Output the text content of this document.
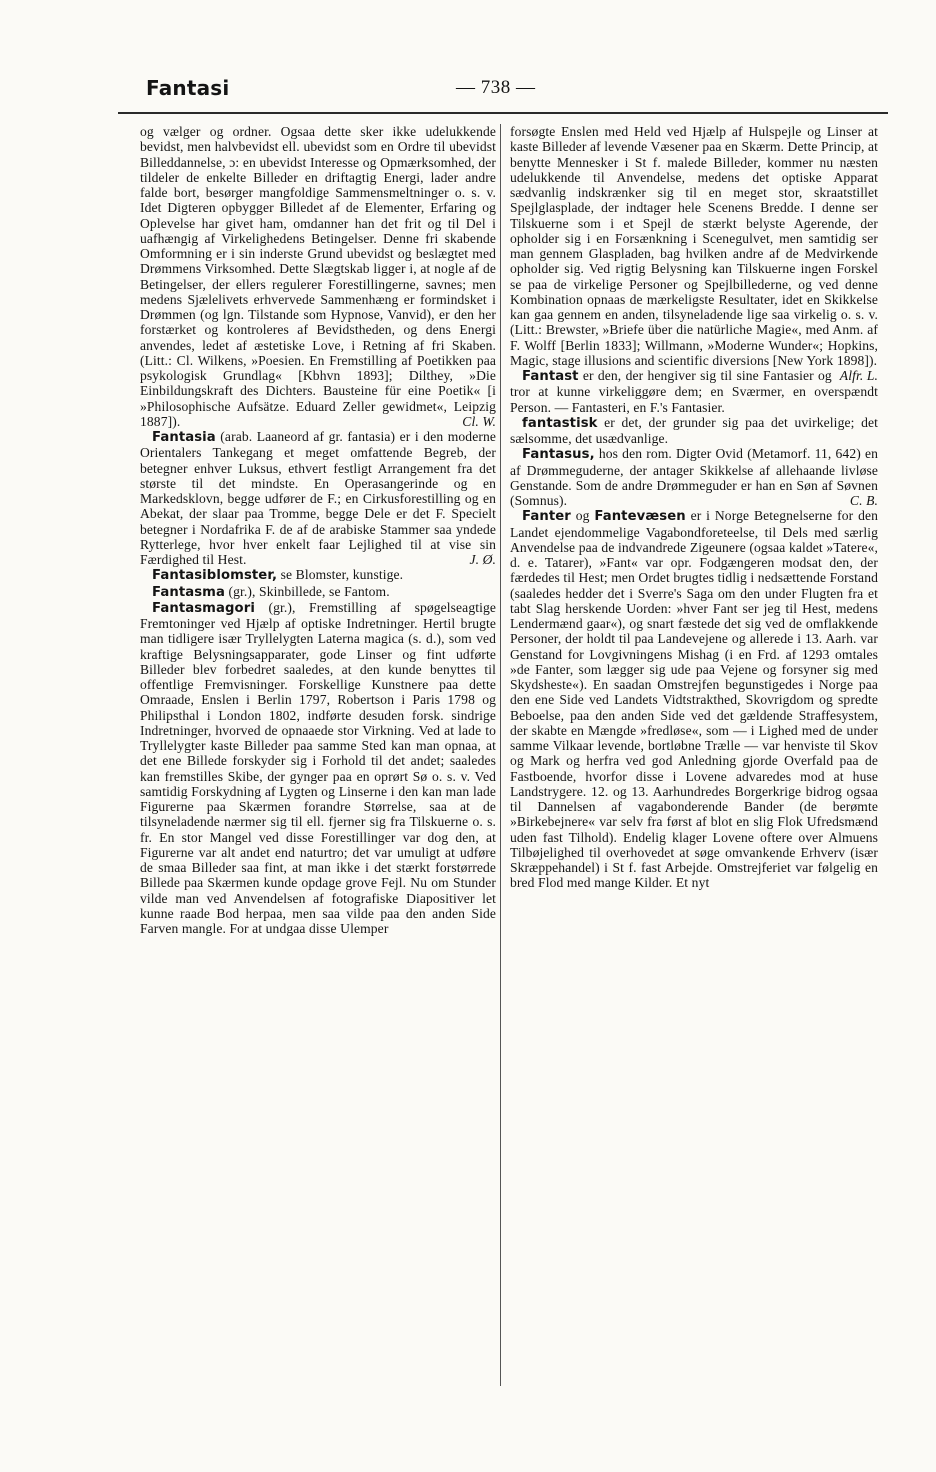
Fantasi	— 738 —

og vælger og ordner. Ogsaa dette sker ikke udelukkende bevidst, men halvbevidst ell. ubevidst som en Ordre til ubevidst Billeddannelse, ɔ: en ubevidst Interesse og Opmærksomhed, der tildeler de enkelte Billeder en driftagtig Energi, lader andre falde bort, besørger mangfoldige Sammensmeltninger o. s. v. Idet Digteren opbygger Billedet af de Elementer, Erfaring og Oplevelse har givet ham, omdanner han det frit og til Del i uafhængig af Virkelighedens Betingelser. Denne fri skabende Omformning er i sin inderste Grund ubevidst og beslægtet med Drømmens Virksomhed. Dette Slægtskab ligger i, at nogle af de Betingelser, der ellers regulerer Forestillingerne, savnes; men medens Sjælelivets erhvervede Sammenhæng er formindsket i Drømmen (og lgn. Tilstande som Hypnose, Vanvid), er den her forstærket og kontroleres af Bevidstheden, og dens Energi anvendes, ledet af æstetiske Love, i Retning af fri Skaben. (Litt.: Cl. Wilkens, »Poesien. En Fremstilling af Poetikken paa psykologisk Grundlag« [Kbhvn 1893]; Dilthey, »Die Einbildungskraft des Dichters. Bausteine für eine Poetik« [i »Philosophische Aufsätze. Eduard Zeller gewidmet«, Leipzig 1887]).	Cl. W.

Fantasia (arab. Laaneord af gr. fantasia) er i den moderne Orientalers Tankegang et meget omfattende Begreb, der betegner enhver Luksus, ethvert festligt Arrangement fra det største til det mindste. En Operasangerinde og en Markedsklovn, begge udfører de F.; en Cirkusforestilling og en Abekat, der slaar paa Tromme, begge Dele er det F. Specielt betegner i Nordafrika F. de af de arabiske Stammer saa yndede Rytterlege, hvor hver enkelt faar Lejlighed til at vise sin Færdighed til Hest.	J. Ø.

Fantasiblomster, se Blomster, kunstige.

Fantasma (gr.), Skinbillede, se Fantom.

Fantasmagori (gr.), Fremstilling af spøgelseagtige Fremtoninger ved Hjælp af optiske Indretninger. Hertil brugte man tidligere især Tryllelygten Laterna magica (s. d.), som ved kraftige Belysningsapparater, gode Linser og fint udførte Billeder blev forbedret saaledes, at den kunde benyttes til offentlige Fremvisninger. Forskellige Kunstnere paa dette Omraade, Enslen i Berlin 1797, Robertson i Paris 1798 og Philipsthal i London 1802, indførte desuden forsk. sindrige Indretninger, hvorved de opnaaede stor Virkning. Ved at lade to Tryllelygter kaste Billeder paa samme Sted kan man opnaa, at det ene Billede forskyder sig i Forhold til det andet; saaledes kan fremstilles Skibe, der gynger paa en oprørt Sø o. s. v. Ved samtidig Forskydning af Lygten og Linserne i den kan man lade Figurerne paa Skærmen forandre Størrelse, saa at de tilsyneladende nærmer sig til ell. fjerner sig fra Tilskuerne o. s. fr. En stor Mangel ved disse Forestillinger var dog den, at Figurerne var alt andet end naturtro; det var umuligt at udføre de smaa Billeder saa fint, at man ikke i det stærkt forstørrede Billede paa Skærmen kunde opdage grove Fejl. Nu om Stunder vilde man ved Anvendelsen af fotografiske Diapositiver let kunne raade Bod herpaa, men saa vilde paa den anden Side Farven mangle. For at undgaa disse Ulemper

forsøgte Enslen med Held ved Hjælp af Hulspejle og Linser at kaste Billeder af levende Væsener paa en Skærm. Dette Princip, at benytte Mennesker i St f. malede Billeder, kommer nu næsten udelukkende til Anvendelse, medens det optiske Apparat sædvanlig indskrænker sig til en meget stor, skraatstillet Spejlglasplade, der indtager hele Scenens Bredde. I denne ser Tilskuerne som i et Spejl de stærkt belyste Agerende, der opholder sig i en Forsænkning i Scenegulvet, men samtidig ser man gennem Glaspladen, bag hvilken andre af de Medvirkende opholder sig. Ved rigtig Belysning kan Tilskuerne ingen Forskel se paa de virkelige Personer og Spejlbillederne, og ved denne Kombination opnaas de mærkeligste Resultater, idet en Skikkelse kan gaa gennem en anden, tilsyneladende lige saa virkelig o. s. v. (Litt.: Brewster, »Briefe über die natürliche Magie«, med Anm. af F. Wolff [Berlin 1833]; Willmann, »Moderne Wunder«; Hopkins, Magic, stage illusions and scientific diversions [New York 1898]).
Alfr. L.

Fantast er den, der hengiver sig til sine Fantasier og tror at kunne virkeliggøre dem; en Sværmer, en overspændt Person. — Fantasteri, en F.'s Fantasier.

fantastisk er det, der grunder sig paa det uvirkelige; det sælsomme, det usædvanlige.

Fantasus, hos den rom. Digter Ovid (Metamorf. 11, 642) en af Drømmeguderne, der antager Skikkelse af allehaande livløse Genstande. Som de andre Drømmeguder er han en Søn af Søvnen (Somnus).	C. B.

Fanter og Fantevæsen er i Norge Betegnelserne for den Landet ejendommelige Vagabondforeteelse, til Dels med særlig Anvendelse paa de indvandrede Zigeunere (ogsaa kaldet »Tatere«, d. e. Tatarer), »Fant« var opr. Fodgængeren modsat den, der færdedes til Hest; men Ordet brugtes tidlig i nedsættende Forstand (saaledes hedder det i Sverre's Saga om den under Flugten fra et tabt Slag herskende Uorden: »hver Fant ser jeg til Hest, medens Lendermænd gaar«), og snart fæstede det sig ved de omflakkende Personer, der holdt til paa Landevejene og allerede i 13. Aarh. var Genstand for Lovgivningens Mishag (i en Frd. af 1293 omtales »de Fanter, som lægger sig ude paa Vejene og forsyner sig med Skydsheste«). En saadan Omstrejfen begunstigedes i Norge paa den ene Side ved Landets Vidtstrakthed, Skovrigdom og spredte Beboelse, paa den anden Side ved det gældende Straffesystem, der skabte en Mængde »fredløse«, som — i Lighed med de under samme Vilkaar levende, bortløbne Trælle — var henviste til Skov og Mark og herfra ved god Anledning gjorde Overfald paa de Fastboende, hvorfor disse i Lovene advaredes mod at huse Landstrygere. 12. og 13. Aarhundredes Borgerkrige bidrog ogsaa til Dannelsen af vagabonderende Bander (de berømte »Birkebejnere« var selv fra først af blot en slig Flok Ufredsmænd uden fast Tilhold). Endelig klager Lovene oftere over Almuens Tilbøjelighed til overhovedet at søge omvankende Erhverv (især Skræppehandel) i St f. fast Arbejde. Omstrejferiet var følgelig en bred Flod med mange Kilder. Et nyt
